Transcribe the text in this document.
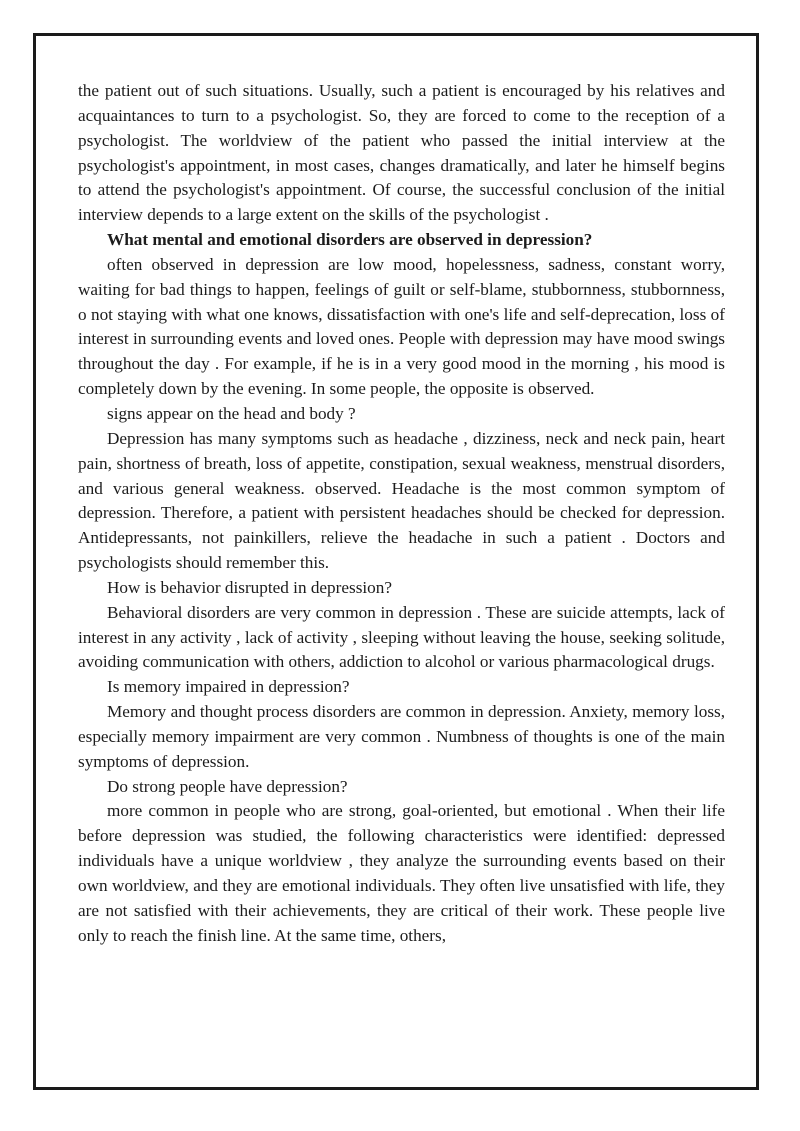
the patient out of such situations. Usually, such a patient is encouraged by his relatives and acquaintances to turn to a psychologist. So, they are forced to come to the reception of a psychologist. The worldview of the patient who passed the initial interview at the psychologist's appointment, in most cases, changes dramatically, and later he himself begins to attend the psychologist's appointment. Of course, the successful conclusion of the initial interview depends to a large extent on the skills of the psychologist .

What mental and emotional disorders are observed in depression?

often observed in depression are low mood, hopelessness, sadness, constant worry, waiting for bad things to happen, feelings of guilt or self-blame, stubbornness, stubbornness, o not staying with what one knows, dissatisfaction with one's life and self-deprecation, loss of interest in surrounding events and loved ones. People with depression may have mood swings throughout the day . For example, if he is in a very good mood in the morning , his mood is completely down by the evening. In some people, the opposite is observed.

signs appear on the head and body ?

Depression has many symptoms such as headache , dizziness, neck and neck pain, heart pain, shortness of breath, loss of appetite, constipation, sexual weakness, menstrual disorders, and various general weakness. observed. Headache is the most common symptom of depression. Therefore, a patient with persistent headaches should be checked for depression. Antidepressants, not painkillers, relieve the headache in such a patient . Doctors and psychologists should remember this.

How is behavior disrupted in depression?

Behavioral disorders are very common in depression . These are suicide attempts, lack of interest in any activity , lack of activity , sleeping without leaving the house, seeking solitude, avoiding communication with others, addiction to alcohol or various pharmacological drugs.

Is memory impaired in depression?

Memory and thought process disorders are common in depression. Anxiety, memory loss, especially memory impairment are very common . Numbness of thoughts is one of the main symptoms of depression.

Do strong people have depression?

more common in people who are strong, goal-oriented, but emotional . When their life before depression was studied, the following characteristics were identified: depressed individuals have a unique worldview , they analyze the surrounding events based on their own worldview, and they are emotional individuals. They often live unsatisfied with life, they are not satisfied with their achievements, they are critical of their work. These people live only to reach the finish line. At the same time, others,
